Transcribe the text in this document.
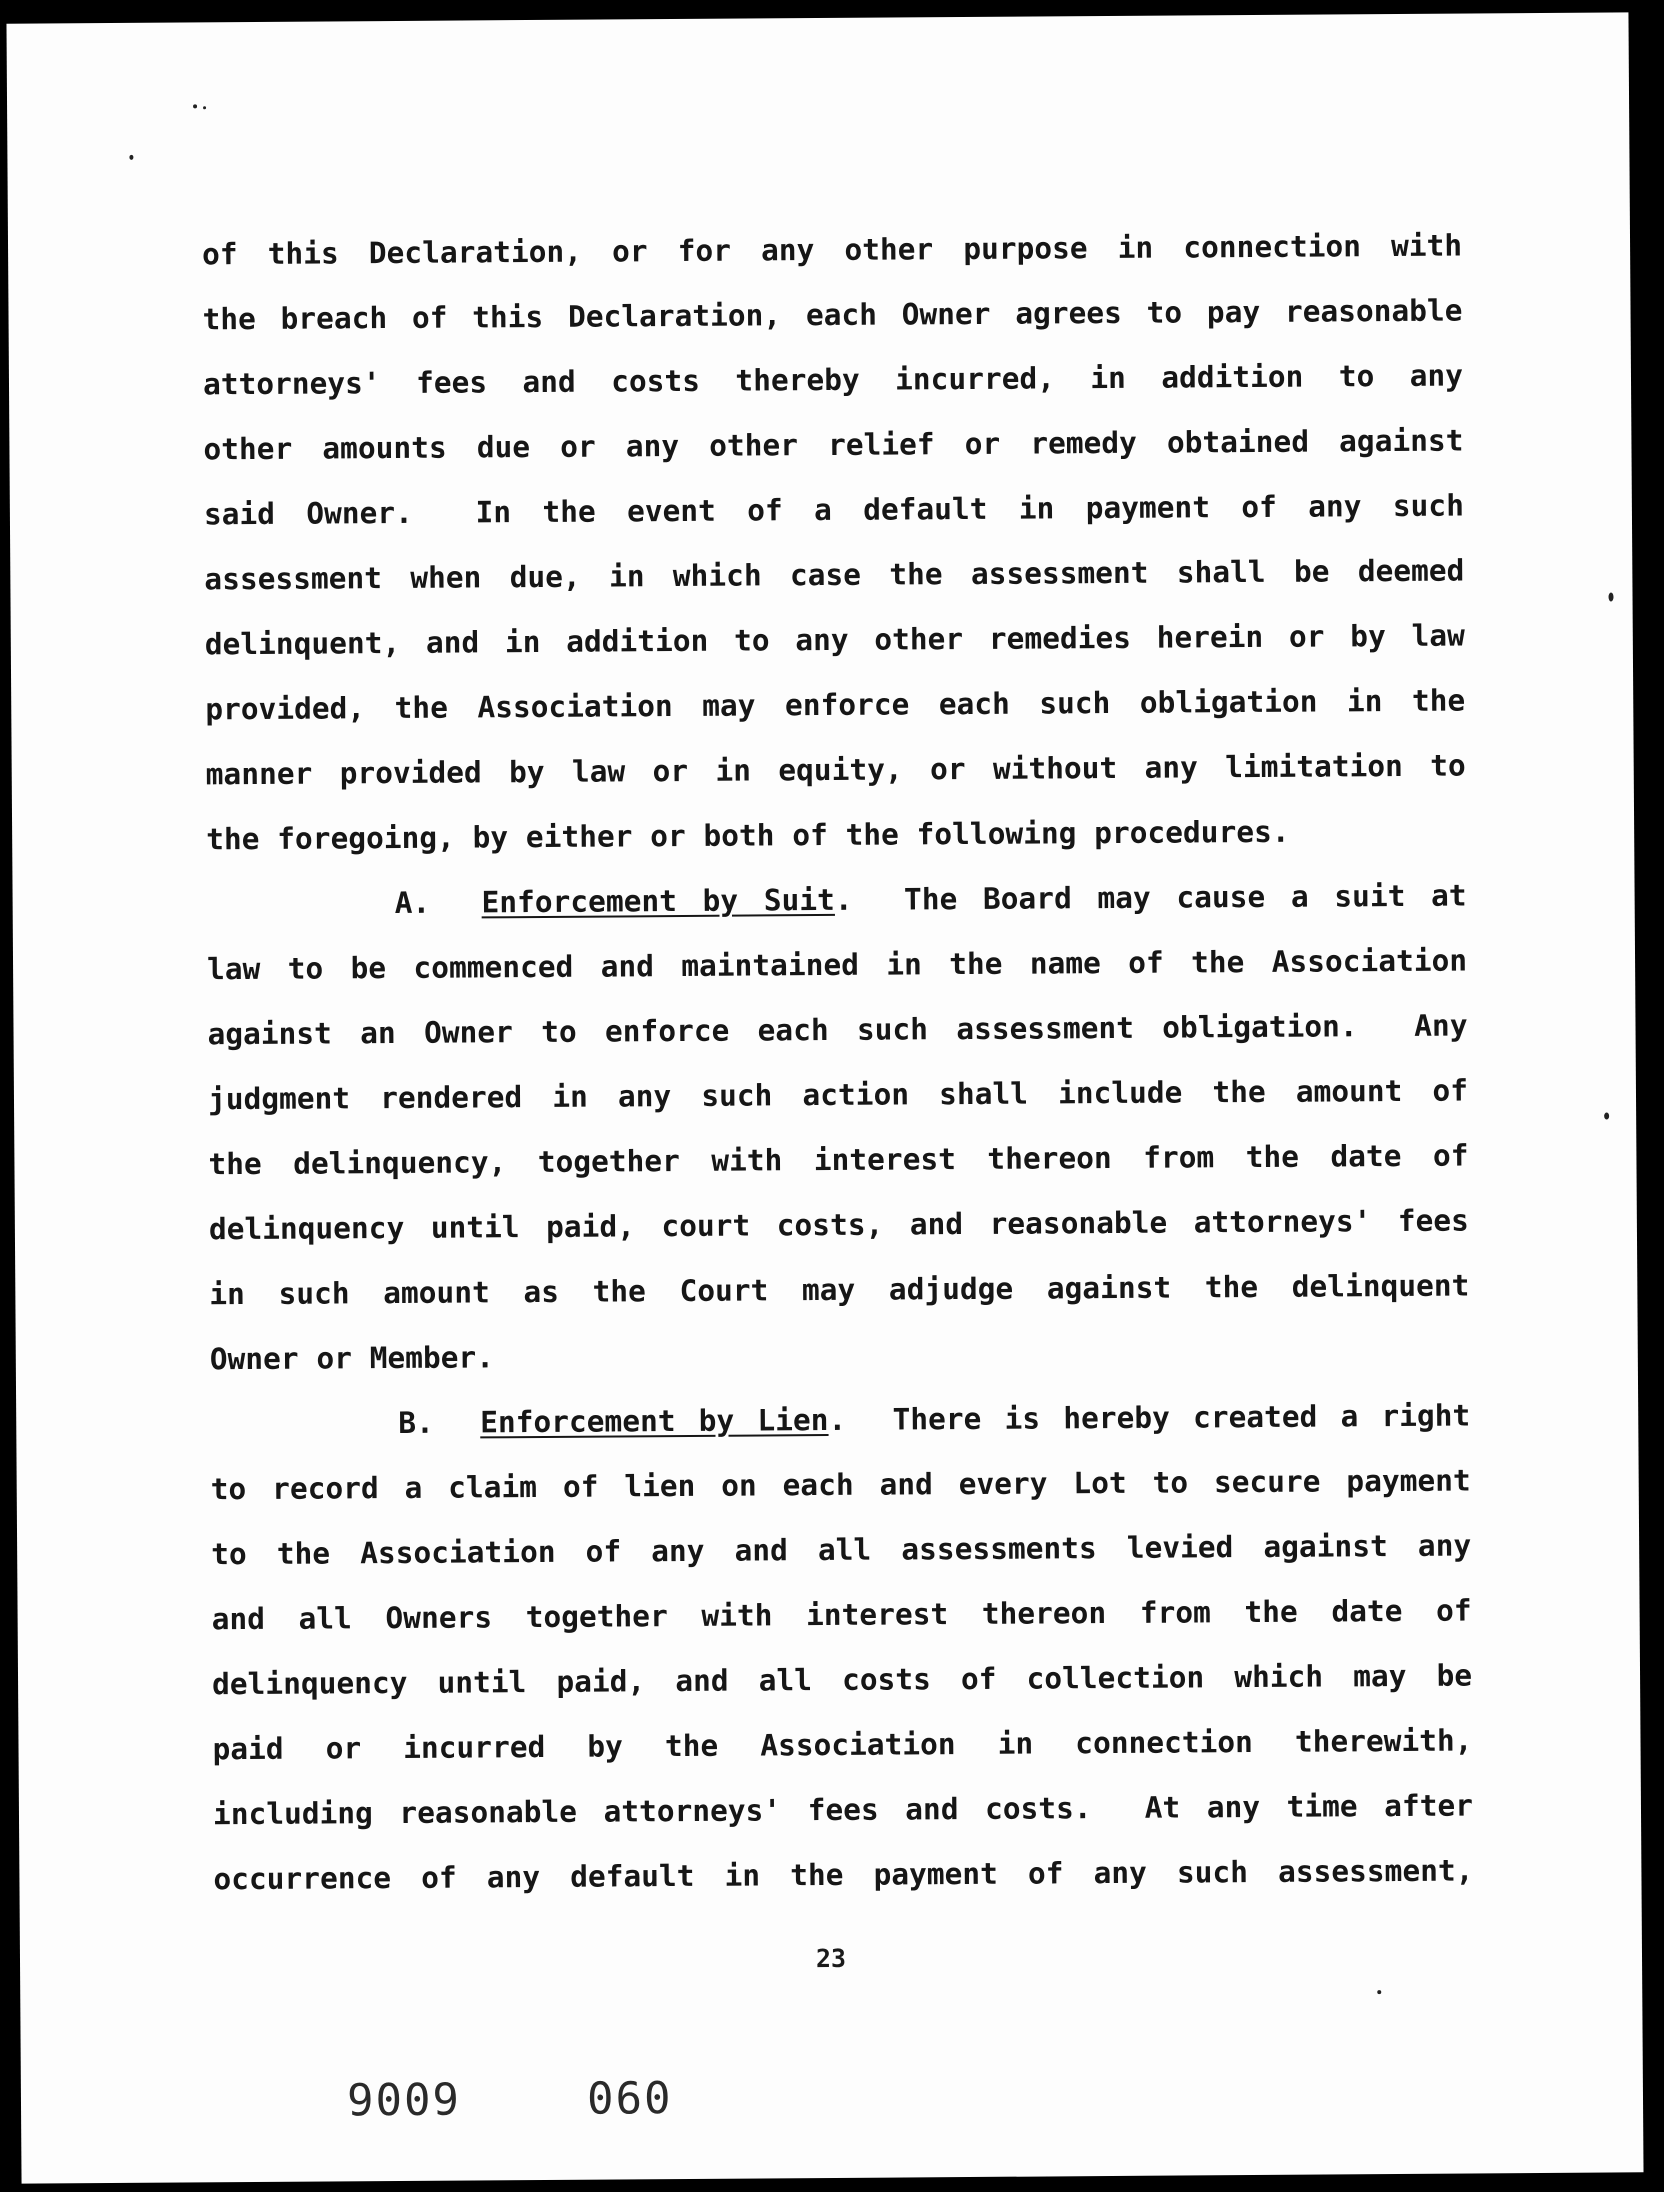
of this Declaration, or for any other purpose in connection with
the breach of this Declaration, each Owner agrees to pay reasonable
attorneys' fees and costs thereby incurred, in addition to any
other amounts due or any other relief or remedy obtained against
said Owner.  In the event of a default in payment of any such
assessment when due, in which case the assessment shall be deemed
delinquent, and in addition to any other remedies herein or by law
provided, the Association may enforce each such obligation in the
manner provided by law or in equity, or without any limitation to
the foregoing, by either or both of the following procedures.
A. Enforcement by Suit.  The Board may cause a suit at
law to be commenced and maintained in the name of the Association
against an Owner to enforce each such assessment obligation.  Any
judgment rendered in any such action shall include the amount of
the delinquency, together with interest thereon from the date of
delinquency until paid, court costs, and reasonable attorneys' fees
in such amount as the Court may adjudge against the delinquent
Owner or Member.
B. Enforcement by Lien.  There is hereby created a right
to record a claim of lien on each and every Lot to secure payment
to the Association of any and all assessments levied against any
and all Owners together with interest thereon from the date of
delinquency until paid, and all costs of collection which may be
paid or incurred by the Association in connection therewith,
including reasonable attorneys' fees and costs.  At any time after
occurrence of any default in the payment of any such assessment,
23
9009	060
